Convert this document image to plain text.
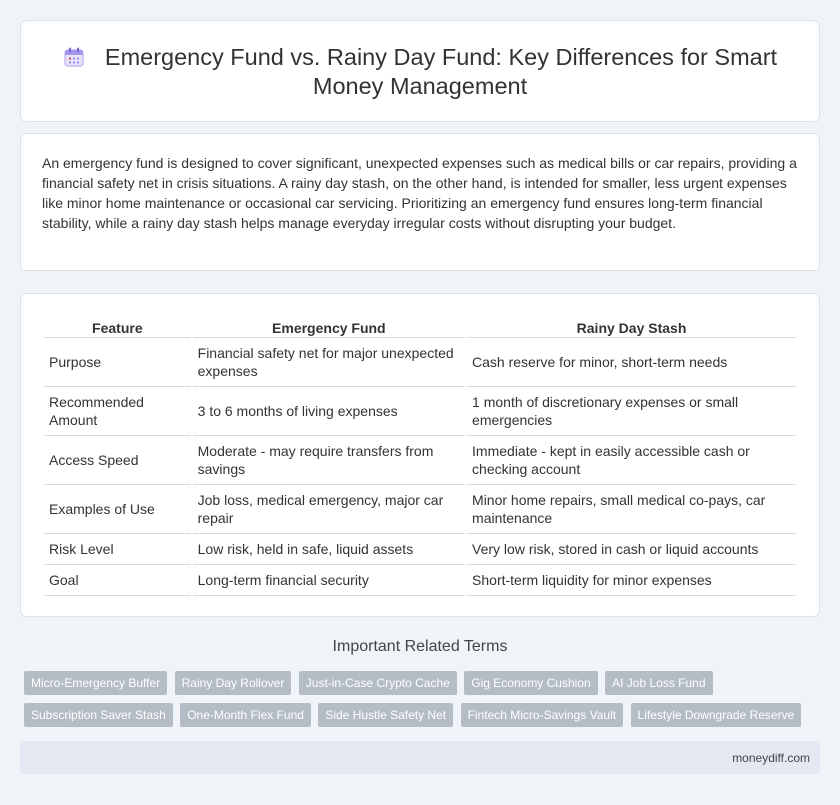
Emergency Fund vs. Rainy Day Fund: Key Differences for Smart Money Management

An emergency fund is designed to cover significant, unexpected expenses such as medical bills or car repairs, providing a financial safety net in crisis situations. A rainy day stash, on the other hand, is intended for smaller, less urgent expenses like minor home maintenance or occasional car servicing. Prioritizing an emergency fund ensures long-term financial stability, while a rainy day stash helps manage everyday irregular costs without disrupting your budget.

Feature	Emergency Fund	Rainy Day Stash
Purpose	Financial safety net for major unexpected expenses	Cash reserve for minor, short-term needs
Recommended Amount	3 to 6 months of living expenses	1 month of discretionary expenses or small emergencies
Access Speed	Moderate - may require transfers from savings	Immediate - kept in easily accessible cash or checking account
Examples of Use	Job loss, medical emergency, major car repair	Minor home repairs, small medical co-pays, car maintenance
Risk Level	Low risk, held in safe, liquid assets	Very low risk, stored in cash or liquid accounts
Goal	Long-term financial security	Short-term liquidity for minor expenses
Important Related Terms
Micro-Emergency Buffer Rainy Day Rollover Just-in-Case Crypto Cache Gig Economy Cushion AI Job Loss Fund
Subscription Saver Stash One-Month Flex Fund Side Hustle Safety Net Fintech Micro-Savings Vault Lifestyle Downgrade Reserve
moneydiff.com
